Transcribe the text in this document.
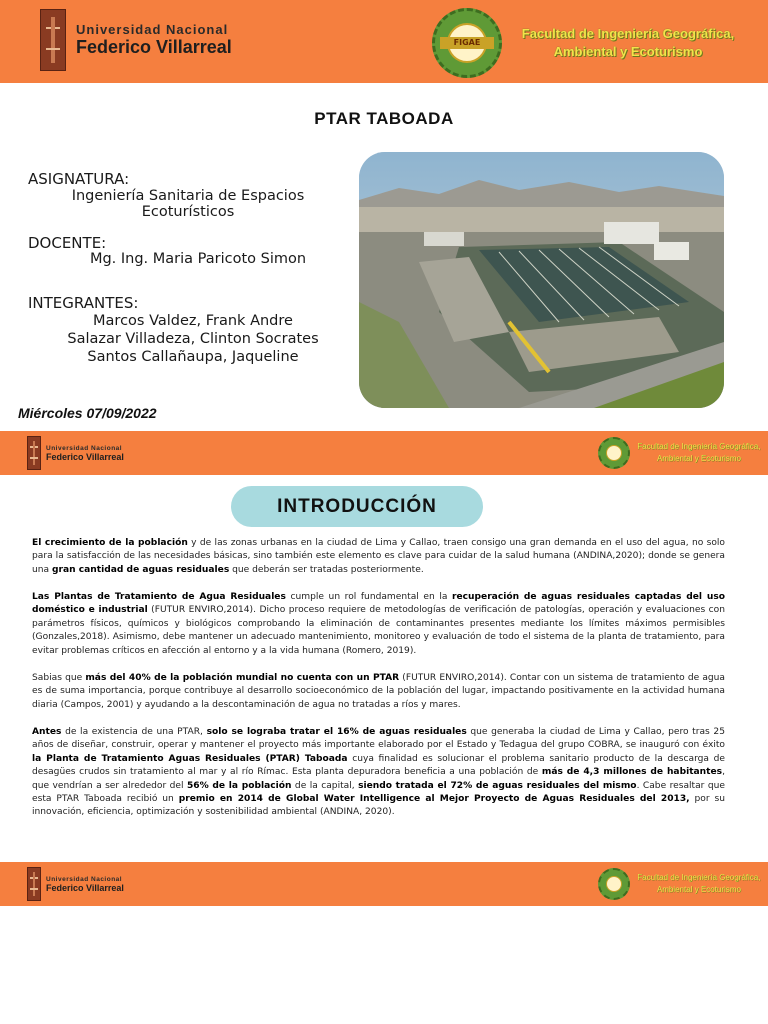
Universidad Nacional
Federico Villarreal	FIGAE
Facultad de Ingeniería Geográfica,
Ambiental y Ecoturismo
PTAR TABOADA
ASIGNATURA:
Ingeniería Sanitaria de Espacios
Ecoturísticos
DOCENTE:
Mg. Ing. Maria Paricoto Simon
INTEGRANTES:
Marcos Valdez, Frank Andre
Salazar Villadeza, Clinton Socrates
Santos Callañaupa, Jaqueline
Miércoles 07/09/2022
Universidad Nacional
Federico Villarreal
Facultad de Ingeniería Geográfica,
Ambiental y Ecoturismo
INTRODUCCIÓN
El crecimiento de la población y de las zonas urbanas en la ciudad de Lima y Callao, traen consigo una gran demanda en el uso del agua, no solo para la satisfacción de las necesidades básicas, sino también este elemento es clave para cuidar de la salud humana (ANDINA,2020); donde se genera una gran cantidad de aguas residuales que deberán ser tratadas posteriormente.
Las Plantas de Tratamiento de Agua Residuales cumple un rol fundamental en la recuperación de aguas residuales captadas del uso doméstico e industrial (FUTUR ENVIRO,2014). Dicho proceso requiere de metodologías de verificación de patologías, operación y evaluaciones con parámetros físicos, químicos y biológicos comprobando la eliminación de contaminantes presentes mediante los límites máximos permisibles (Gonzales,2018). Asimismo, debe mantener un adecuado mantenimiento, monitoreo y evaluación de todo el sistema de la planta de tratamiento, para evitar problemas críticos en afección al entorno y a la vida humana (Romero, 2019).
Sabias que más del 40% de la población mundial no cuenta con un PTAR (FUTUR ENVIRO,2014). Contar con un sistema de tratamiento de agua es de suma importancia, porque contribuye al desarrollo socioeconómico de la población del lugar, impactando positivamente en la actividad humana diaria (Campos, 2001) y ayudando a la descontaminación de agua no tratadas a ríos y mares.
Antes de la existencia de una PTAR, solo se lograba tratar el 16% de aguas residuales que generaba la ciudad de Lima y Callao, pero tras 25 años de diseñar, construir, operar y mantener el proyecto más importante elaborado por el Estado y Tedagua del grupo COBRA, se inauguró con éxito la Planta de Tratamiento Aguas Residuales (PTAR) Taboada cuya finalidad es solucionar el problema sanitario producto de la descarga de desagües crudos sin tratamiento al mar y al río Rímac. Esta planta depuradora beneficia a una población de más de 4,3 millones de habitantes, que vendrían a ser alrededor del 56% de la población de la capital, siendo tratada el 72% de aguas residuales del mismo. Cabe resaltar que esta PTAR Taboada recibió un premio en 2014 de Global Water Intelligence al Mejor Proyecto de Aguas Residuales del 2013, por su innovación, eficiencia, optimización y sostenibilidad ambiental (ANDINA, 2020).
Universidad Nacional
Federico Villarreal
Facultad de Ingeniería Geográfica,
Ambiental y Ecoturismo
